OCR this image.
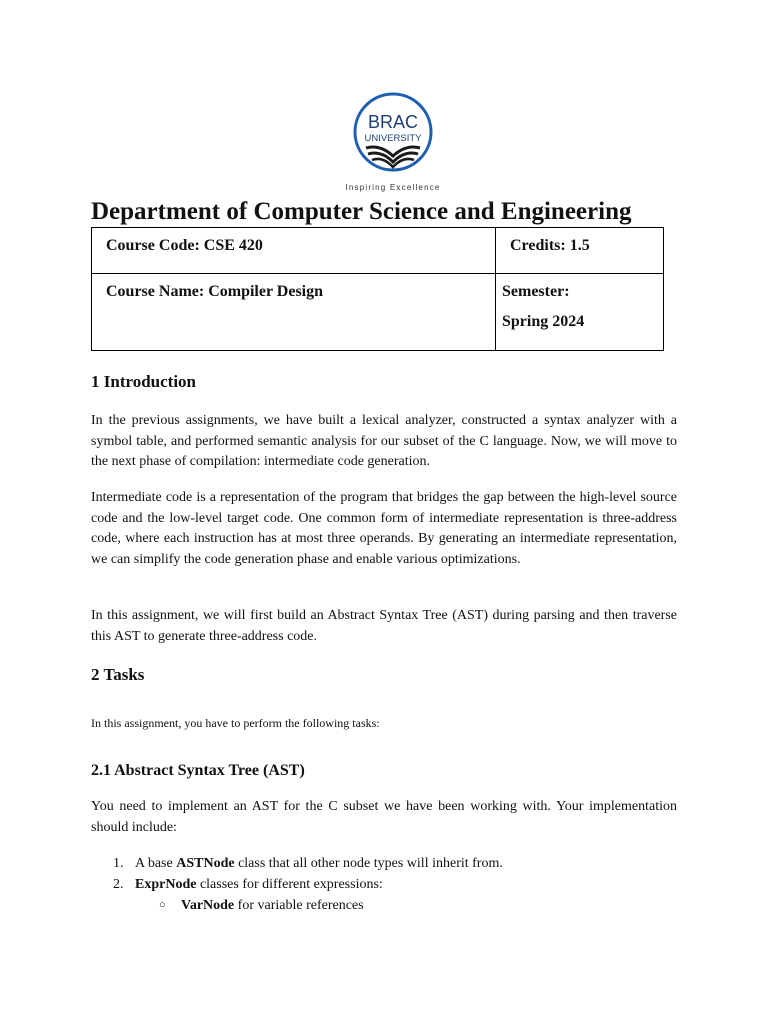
BRAC
UNIVERSITY
Inspiring Excellence
Department of Computer Science and Engineering
Course Code: CSE 420	Credits: 1.5

Course Name: Compiler Design	Semester:
Spring 2024
1 Introduction

In the previous assignments, we have built a lexical analyzer, constructed a syntax analyzer with a symbol table, and performed semantic analysis for our subset of the C language. Now, we will move to the next phase of compilation: intermediate code generation.

Intermediate code is a representation of the program that bridges the gap between the high-level source code and the low-level target code. One common form of intermediate representation is three-address code, where each instruction has at most three operands. By generating an intermediate representation, we can simplify the code generation phase and enable various optimizations.

In this assignment, we will first build an Abstract Syntax Tree (AST) during parsing and then traverse this AST to generate three-address code.

2 Tasks

In this assignment, you have to perform the following tasks:

2.1 Abstract Syntax Tree (AST)

You need to implement an AST for the C subset we have been working with. Your implementation should include:

1. A base ASTNode class that all other node types will inherit from.
2. ExprNode classes for different expressions:
○ VarNode for variable references
